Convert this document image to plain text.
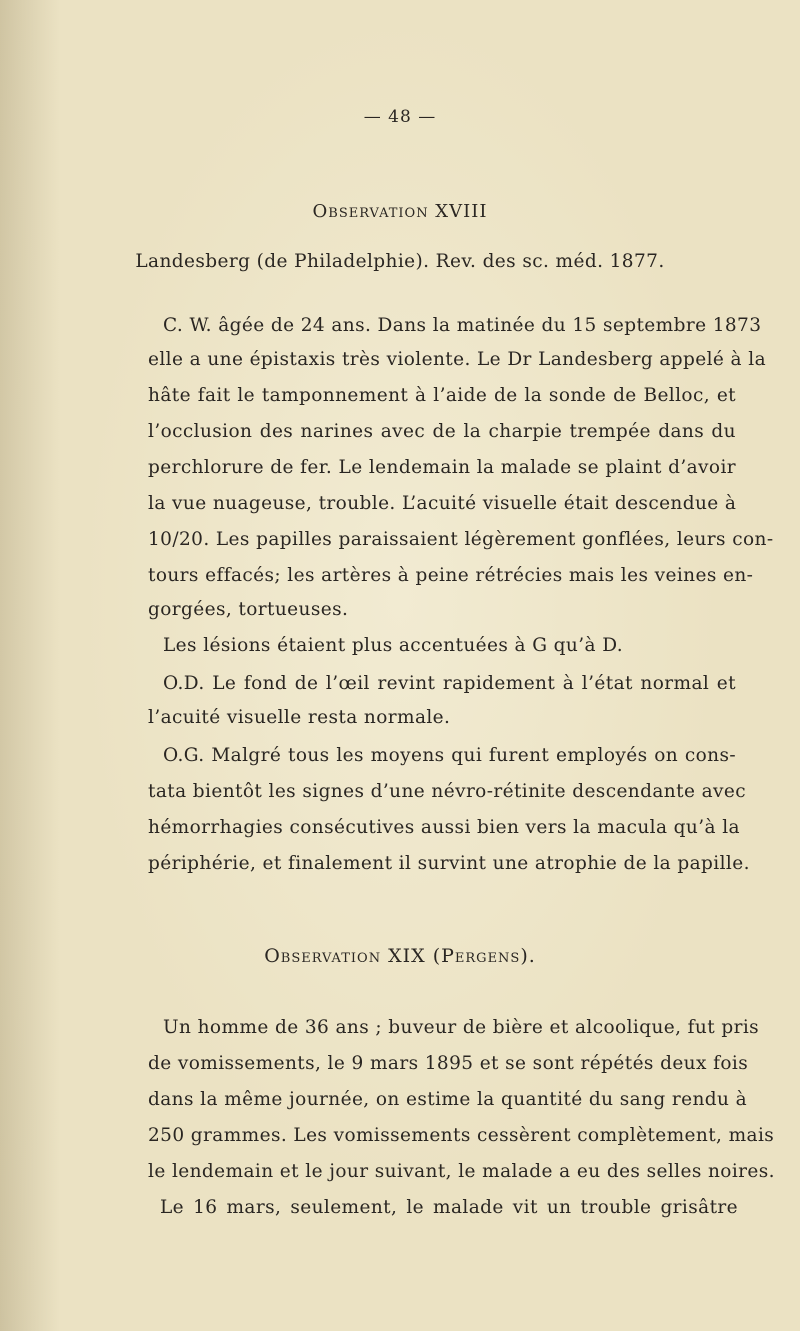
— 48 —
Observation XVIII
Landesberg (de Philadelphie). Rev. des sc. méd. 1877.
C. W. âgée de 24 ans. Dans la matinée du 15 septembre 1873
elle a une épistaxis très violente. Le Dr Landesberg appelé à la
hâte fait le tamponnement à l’aide de la sonde de Belloc, et
l’occlusion des narines avec de la charpie trempée dans du
perchlorure de fer. Le lendemain la malade se plaint d’avoir
la vue nuageuse, trouble. L’acuité visuelle était descendue à
10/20. Les papilles paraissaient légèrement gonflées, leurs con-
tours effacés; les artères à peine rétrécies mais les veines en-
gorgées, tortueuses.
Les lésions étaient plus accentuées à G qu’à D.
O.D. Le fond de l’œil revint rapidement à l’état normal et
l’acuité visuelle resta normale.
O.G. Malgré tous les moyens qui furent employés on cons-
tata bientôt les signes d’une névro-rétinite descendante avec
hémorrhagies consécutives aussi bien vers la macula qu’à la
périphérie, et finalement il survint une atrophie de la papille.
Observation XIX (Pergens).
Un homme de 36 ans ; buveur de bière et alcoolique, fut pris
de vomissements, le 9 mars 1895 et se sont répétés deux fois
dans la même journée, on estime la quantité du sang rendu à
250 grammes. Les vomissements cessèrent complètement, mais
le lendemain et le jour suivant, le malade a eu des selles noires.
Le 16 mars, seulement, le malade vit un trouble grisâtre
